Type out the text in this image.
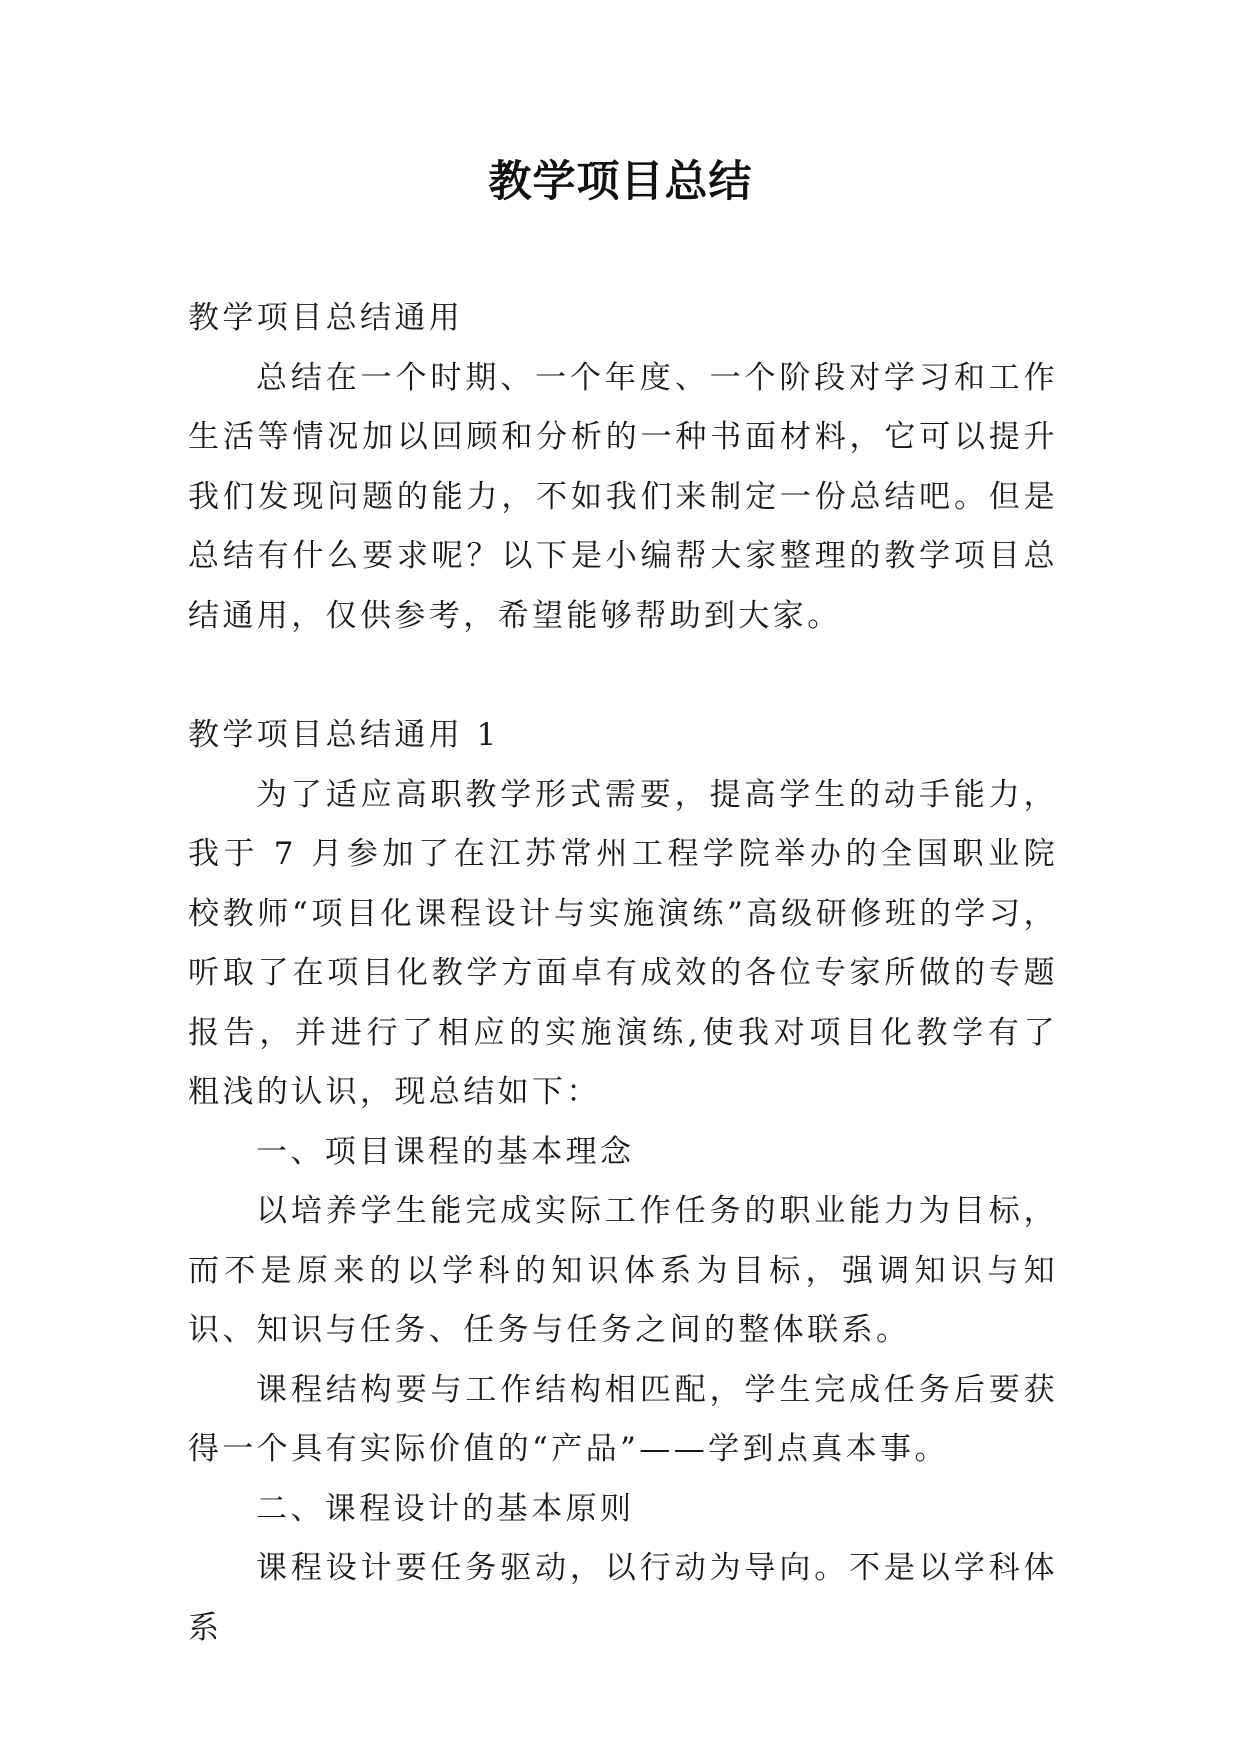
教学项目总结

教学项目总结通用

总结在一个时期、一个年度、一个阶段对学习和工作生活等情况加以回顾和分析的一种书面材料，它可以提升我们发现问题的能力，不如我们来制定一份总结吧。但是总结有什么要求呢？以下是小编帮大家整理的教学项目总结通用，仅供参考，希望能够帮助到大家。

教学项目总结通用 1

为了适应高职教学形式需要，提高学生的动手能力，我于 7 月参加了在江苏常州工程学院举办的全国职业院校教师“项目化课程设计与实施演练”高级研修班的学习，听取了在项目化教学方面卓有成效的各位专家所做的专题报告，并进行了相应的实施演练,使我对项目化教学有了粗浅的认识，现总结如下：

一、项目课程的基本理念

以培养学生能完成实际工作任务的职业能力为目标，而不是原来的以学科的知识体系为目标，强调知识与知识、知识与任务、任务与任务之间的整体联系。

课程结构要与工作结构相匹配，学生完成任务后要获得一个具有实际价值的“产品”——学到点真本事。

二、课程设计的基本原则

课程设计要任务驱动，以行动为导向。不是以学科体系
